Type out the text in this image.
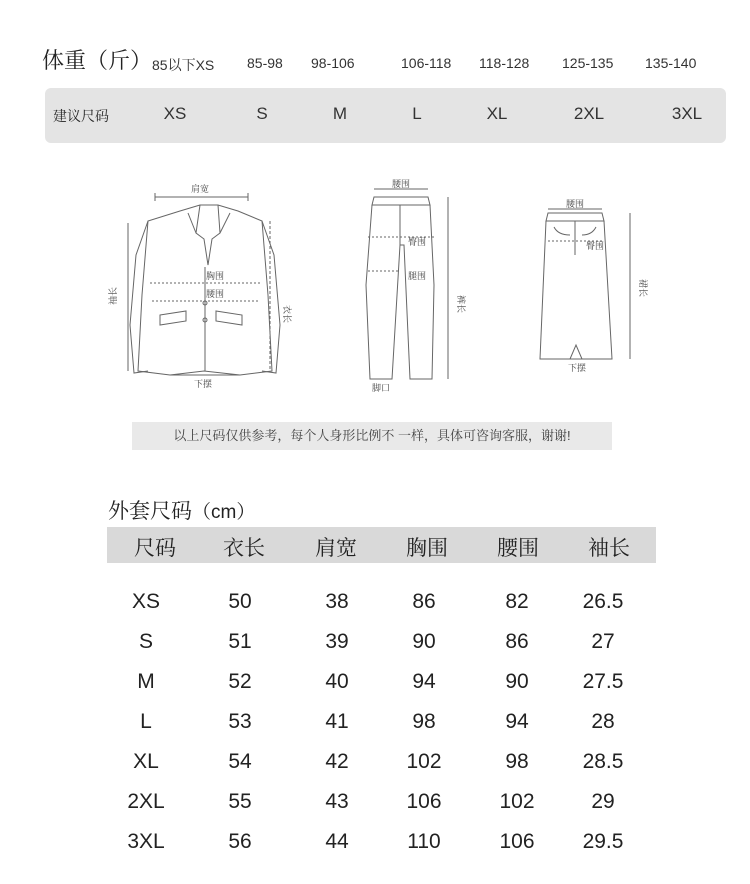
体重（斤） 85以下XS 85-98 98-106	106-118 118-128 125-135 135-140
建议尺码	XS	S	M	L	XL	2XL	3XL
肩宽
袖长
衣长
胸围
腰围
下摆
腰围
臀围
腿围
裤长
脚口
腰围
臀围
裙长
下摆
以上尺码仅供参考，每个人身形比例不 一样，具体可咨询客服，谢谢!
外套尺码（cm）
尺码	衣长	肩宽	胸围	腰围	袖长
XS	50	38	86	82	26.5
S	51	39	90	86	27
M	52	40	94	90	27.5
L	53	41	98	94	28
XL	54	42	102	98	28.5
2XL	55	43	106	102	29
3XL	56	44	110	106	29.5
